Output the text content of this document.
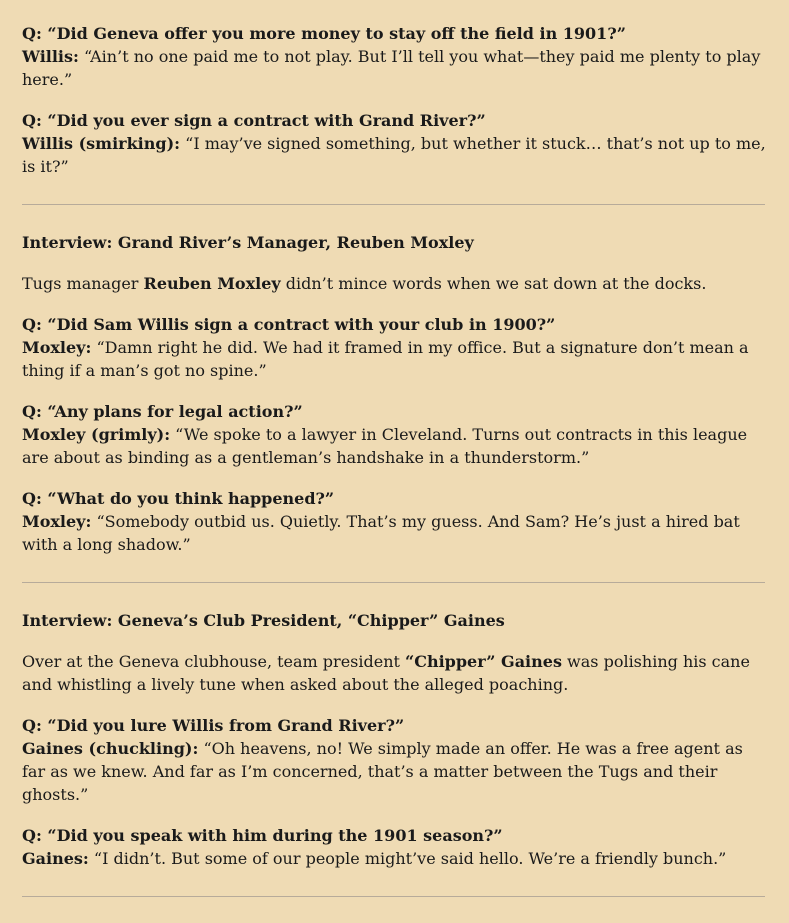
Q: “Did Geneva offer you more money to stay off the field in 1901?”

Willis: “Ain’t no one paid me to not play. But I’ll tell you what—they paid me plenty to play here.”

Q: “Did you ever sign a contract with Grand River?”

Willis (smirking): “I may’ve signed something, but whether it stuck… that’s not up to me, is it?”

Interview: Grand River’s Manager, Reuben Moxley

Tugs manager Reuben Moxley didn’t mince words when we sat down at the docks.

Q: “Did Sam Willis sign a contract with your club in 1900?”

Moxley: “Damn right he did. We had it framed in my office. But a signature don’t mean a thing if a man’s got no spine.”

Q: “Any plans for legal action?”

Moxley (grimly): “We spoke to a lawyer in Cleveland. Turns out contracts in this league are about as binding as a gentleman’s handshake in a thunderstorm.”

Q: “What do you think happened?”

Moxley: “Somebody outbid us. Quietly. That’s my guess. And Sam? He’s just a hired bat with a long shadow.”

Interview: Geneva’s Club President, “Chipper” Gaines

Over at the Geneva clubhouse, team president “Chipper” Gaines was polishing his cane and whistling a lively tune when asked about the alleged poaching.

Q: “Did you lure Willis from Grand River?”

Gaines (chuckling): “Oh heavens, no! We simply made an offer. He was a free agent as far as we knew. And far as I’m concerned, that’s a matter between the Tugs and their ghosts.”

Q: “Did you speak with him during the 1901 season?”

Gaines: “I didn’t. But some of our people might’ve said hello. We’re a friendly bunch.”
